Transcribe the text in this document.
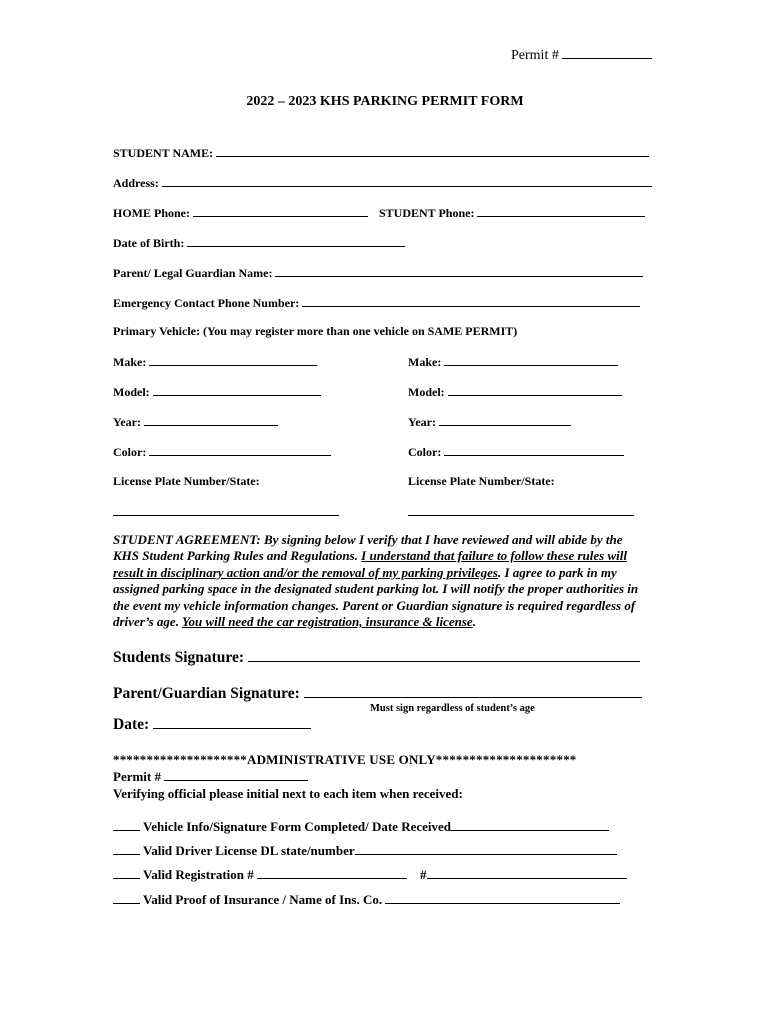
Permit #
2022 – 2023 KHS PARKING PERMIT FORM
STUDENT NAME:
Address:
HOME Phone:	STUDENT Phone:
Date of Birth:
Parent/ Legal Guardian Name:
Emergency Contact Phone Number:
Primary Vehicle: (You may register more than one vehicle on SAME PERMIT)
Make:
Model:
Year:
Color:
License Plate Number/State:
Make:
Model:
Year:
Color:
License Plate Number/State:
STUDENT AGREEMENT: By signing below I verify that I have reviewed and will abide by the KHS Student Parking Rules and Regulations. I understand that failure to follow these rules will result in disciplinary action and/or the removal of my parking privileges. I agree to park in my assigned parking space in the designated student parking lot. I will notify the proper authorities in the event my vehicle information changes. Parent or Guardian signature is required regardless of driver’s age. You will need the car registration, insurance & license.
Students Signature:
Parent/Guardian Signature:
Must sign regardless of student’s age
Date:
********************ADMINISTRATIVE USE ONLY*********************
Permit #
Verifying official please initial next to each item when received:
Vehicle Info/Signature Form Completed/ Date Received
Valid Driver License DL state/number
Valid Registration #	#
Valid Proof of Insurance / Name of Ins. Co.
